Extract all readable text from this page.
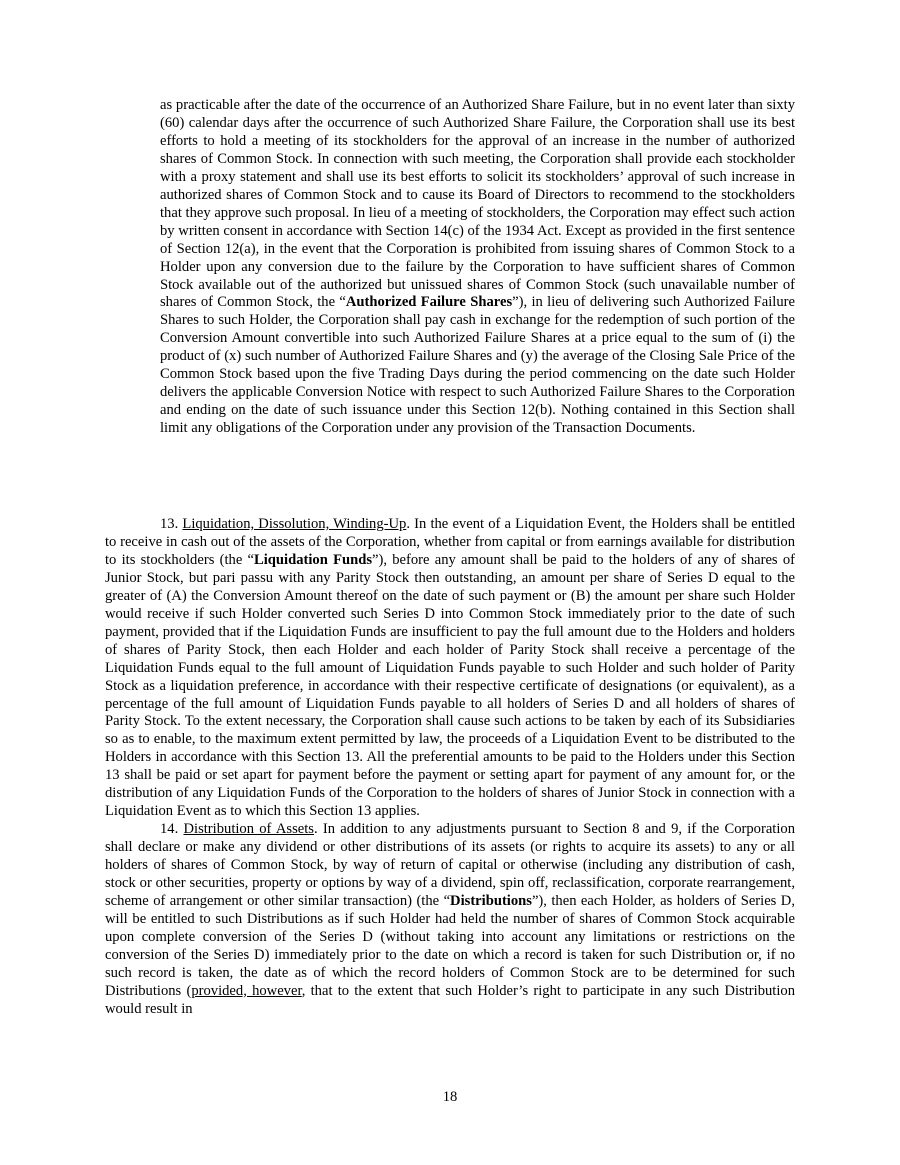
as practicable after the date of the occurrence of an Authorized Share Failure, but in no event later than sixty (60) calendar days after the occurrence of such Authorized Share Failure, the Corporation shall use its best efforts to hold a meeting of its stockholders for the approval of an increase in the number of authorized shares of Common Stock. In connection with such meeting, the Corporation shall provide each stockholder with a proxy statement and shall use its best efforts to solicit its stockholders’ approval of such increase in authorized shares of Common Stock and to cause its Board of Directors to recommend to the stockholders that they approve such proposal. In lieu of a meeting of stockholders, the Corporation may effect such action by written consent in accordance with Section 14(c) of the 1934 Act. Except as provided in the first sentence of Section 12(a), in the event that the Corporation is prohibited from issuing shares of Common Stock to a Holder upon any conversion due to the failure by the Corporation to have sufficient shares of Common Stock available out of the authorized but unissued shares of Common Stock (such unavailable number of shares of Common Stock, the “Authorized Failure Shares”), in lieu of delivering such Authorized Failure Shares to such Holder, the Corporation shall pay cash in exchange for the redemption of such portion of the Conversion Amount convertible into such Authorized Failure Shares at a price equal to the sum of (i) the product of (x) such number of Authorized Failure Shares and (y) the average of the Closing Sale Price of the Common Stock based upon the five Trading Days during the period commencing on the date such Holder delivers the applicable Conversion Notice with respect to such Authorized Failure Shares to the Corporation and ending on the date of such issuance under this Section 12(b). Nothing contained in this Section shall limit any obligations of the Corporation under any provision of the Transaction Documents.

13. Liquidation, Dissolution, Winding-Up. In the event of a Liquidation Event, the Holders shall be entitled to receive in cash out of the assets of the Corporation, whether from capital or from earnings available for distribution to its stockholders (the “Liquidation Funds”), before any amount shall be paid to the holders of any of shares of Junior Stock, but pari passu with any Parity Stock then outstanding, an amount per share of Series D equal to the greater of (A) the Conversion Amount thereof on the date of such payment or (B) the amount per share such Holder would receive if such Holder converted such Series D into Common Stock immediately prior to the date of such payment, provided that if the Liquidation Funds are insufficient to pay the full amount due to the Holders and holders of shares of Parity Stock, then each Holder and each holder of Parity Stock shall receive a percentage of the Liquidation Funds equal to the full amount of Liquidation Funds payable to such Holder and such holder of Parity Stock as a liquidation preference, in accordance with their respective certificate of designations (or equivalent), as a percentage of the full amount of Liquidation Funds payable to all holders of Series D and all holders of shares of Parity Stock. To the extent necessary, the Corporation shall cause such actions to be taken by each of its Subsidiaries so as to enable, to the maximum extent permitted by law, the proceeds of a Liquidation Event to be distributed to the Holders in accordance with this Section 13. All the preferential amounts to be paid to the Holders under this Section 13 shall be paid or set apart for payment before the payment or setting apart for payment of any amount for, or the distribution of any Liquidation Funds of the Corporation to the holders of shares of Junior Stock in connection with a Liquidation Event as to which this Section 13 applies.

14. Distribution of Assets. In addition to any adjustments pursuant to Section 8 and 9, if the Corporation shall declare or make any dividend or other distributions of its assets (or rights to acquire its assets) to any or all holders of shares of Common Stock, by way of return of capital or otherwise (including any distribution of cash, stock or other securities, property or options by way of a dividend, spin off, reclassification, corporate rearrangement, scheme of arrangement or other similar transaction) (the “Distributions”), then each Holder, as holders of Series D, will be entitled to such Distributions as if such Holder had held the number of shares of Common Stock acquirable upon complete conversion of the Series D (without taking into account any limitations or restrictions on the conversion of the Series D) immediately prior to the date on which a record is taken for such Distribution or, if no such record is taken, the date as of which the record holders of Common Stock are to be determined for such Distributions (provided, however, that to the extent that such Holder’s right to participate in any such Distribution would result in

18
